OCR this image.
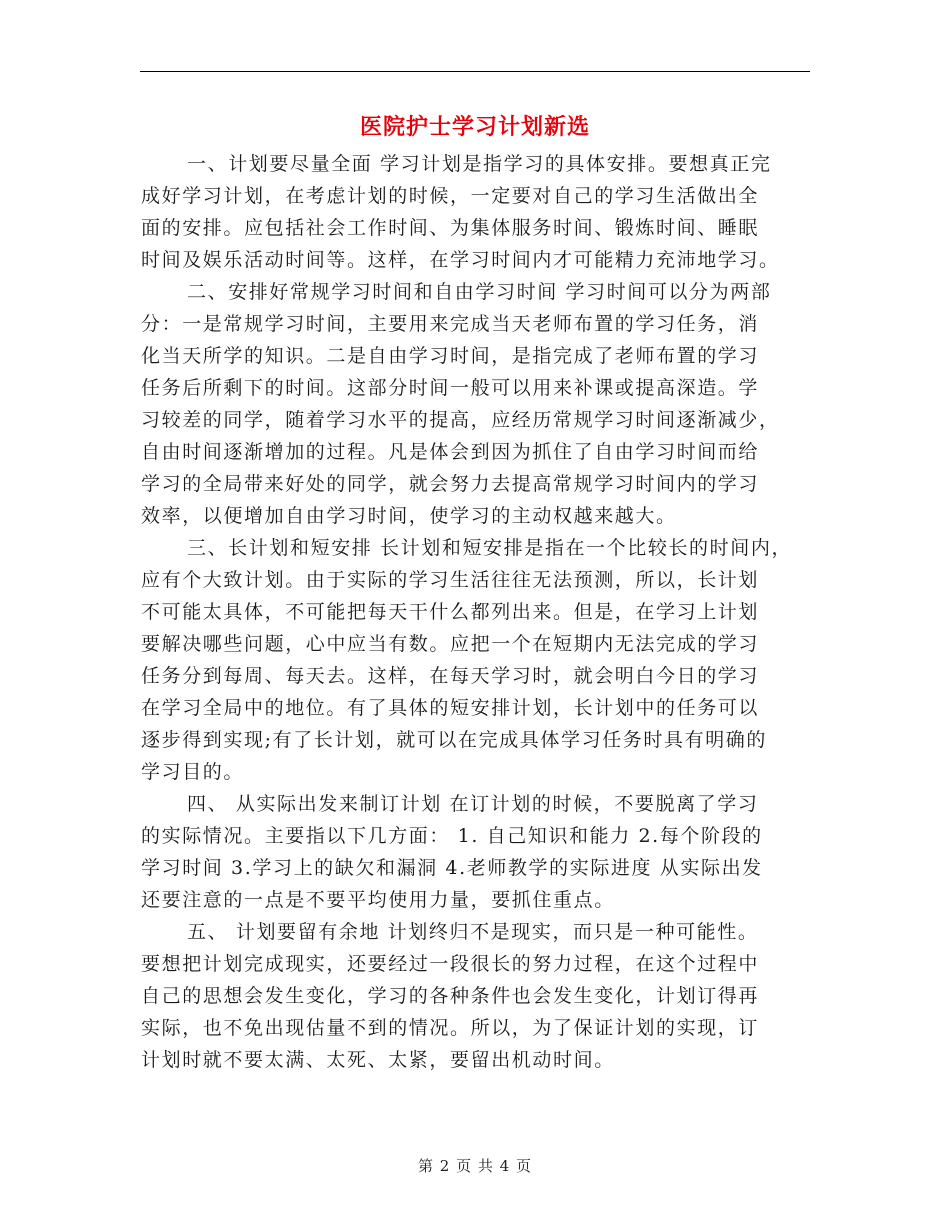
医院护士学习计划新选
一、计划要尽量全面 学习计划是指学习的具体安排。要想真正完
成好学习计划，在考虑计划的时候，一定要对自己的学习生活做出全
面的安排。应包括社会工作时间、为集体服务时间、锻炼时间、睡眠
时间及娱乐活动时间等。这样，在学习时间内才可能精力充沛地学习。
二、安排好常规学习时间和自由学习时间 学习时间可以分为两部
分：一是常规学习时间，主要用来完成当天老师布置的学习任务，消
化当天所学的知识。二是自由学习时间，是指完成了老师布置的学习
任务后所剩下的时间。这部分时间一般可以用来补课或提高深造。学
习较差的同学，随着学习水平的提高，应经历常规学习时间逐渐减少，
自由时间逐渐增加的过程。凡是体会到因为抓住了自由学习时间而给
学习的全局带来好处的同学，就会努力去提高常规学习时间内的学习
效率，以便增加自由学习时间，使学习的主动权越来越大。
三、长计划和短安排 长计划和短安排是指在一个比较长的时间内，
应有个大致计划。由于实际的学习生活往往无法预测，所以，长计划
不可能太具体，不可能把每天干什么都列出来。但是，在学习上计划
要解决哪些问题，心中应当有数。应把一个在短期内无法完成的学习
任务分到每周、每天去。这样，在每天学习时，就会明白今日的学习
在学习全局中的地位。有了具体的短安排计划，长计划中的任务可以
逐步得到实现;有了长计划，就可以在完成具体学习任务时具有明确的
学习目的。
四、 从实际出发来制订计划 在订计划的时候，不要脱离了学习
的实际情况。主要指以下几方面： 1. 自己知识和能力 2.每个阶段的
学习时间 3.学习上的缺欠和漏洞 4.老师教学的实际进度 从实际出发
还要注意的一点是不要平均使用力量，要抓住重点。
五、 计划要留有余地 计划终归不是现实，而只是一种可能性。
要想把计划完成现实，还要经过一段很长的努力过程，在这个过程中
自己的思想会发生变化，学习的各种条件也会发生变化，计划订得再
实际，也不免出现估量不到的情况。所以，为了保证计划的实现，订
计划时就不要太满、太死、太紧，要留出机动时间。
第 2 页 共 4 页
